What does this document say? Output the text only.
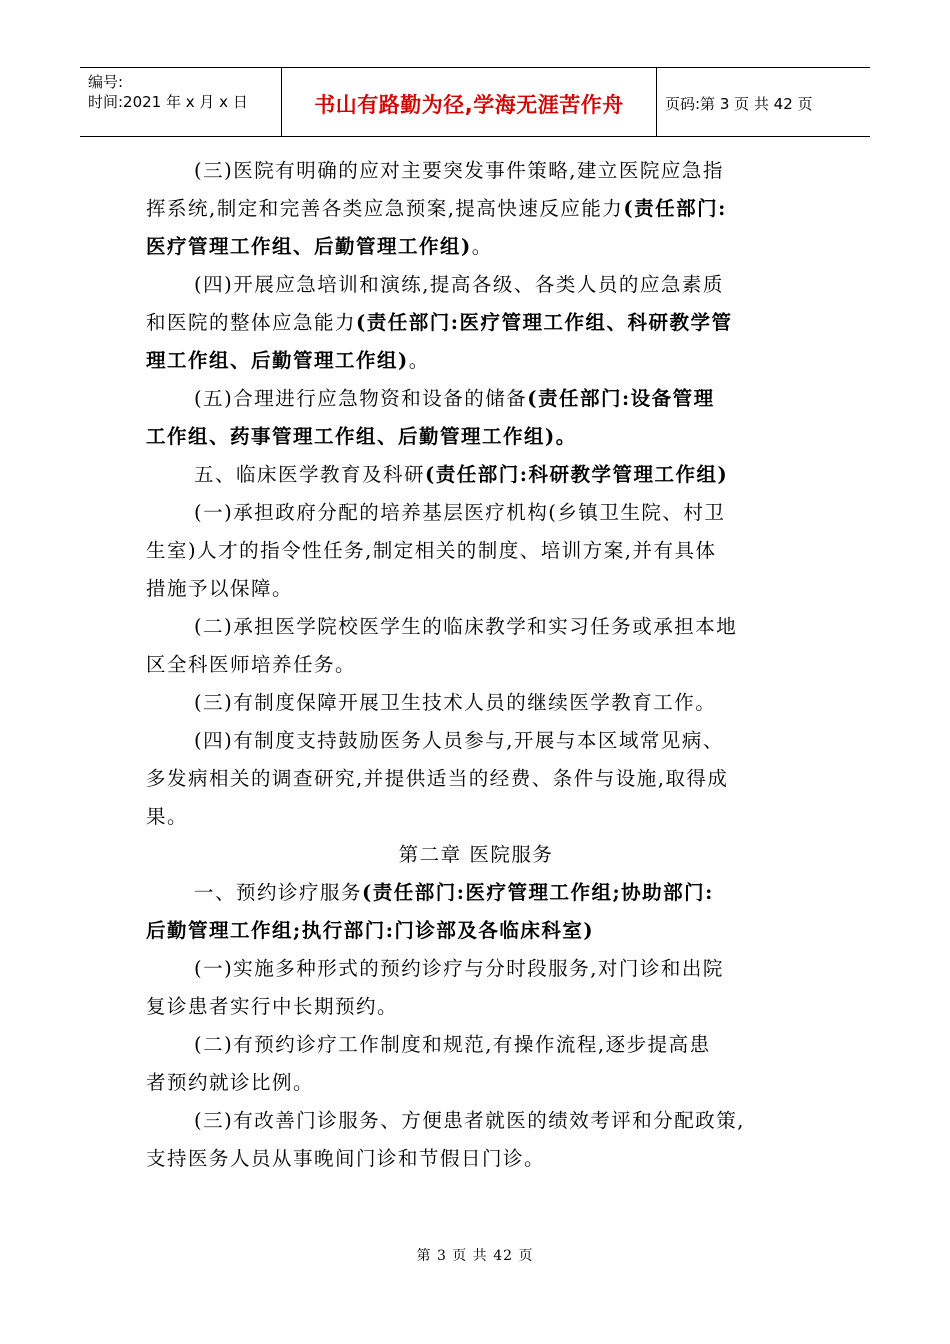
编号:
时间:2021 年 x 月 x 日	书山有路勤为径,学海无涯苦作舟	页码:第 3 页 共 42 页
(三)医院有明确的应对主要突发事件策略,建立医院应急指
挥系统,制定和完善各类应急预案,提高快速反应能力(责任部门:
医疗管理工作组、后勤管理工作组)。
(四)开展应急培训和演练,提高各级、各类人员的应急素质
和医院的整体应急能力(责任部门:医疗管理工作组、科研教学管
理工作组、后勤管理工作组)。
(五)合理进行应急物资和设备的储备(责任部门:设备管理
工作组、药事管理工作组、后勤管理工作组)。
五、临床医学教育及科研(责任部门:科研教学管理工作组)
(一)承担政府分配的培养基层医疗机构(乡镇卫生院、村卫
生室)人才的指令性任务,制定相关的制度、培训方案,并有具体
措施予以保障。
(二)承担医学院校医学生的临床教学和实习任务或承担本地
区全科医师培养任务。
(三)有制度保障开展卫生技术人员的继续医学教育工作。
(四)有制度支持鼓励医务人员参与,开展与本区域常见病、
多发病相关的调查研究,并提供适当的经费、条件与设施,取得成
果。
第二章 医院服务
一、预约诊疗服务(责任部门:医疗管理工作组;协助部门:
后勤管理工作组;执行部门:门诊部及各临床科室)
(一)实施多种形式的预约诊疗与分时段服务,对门诊和出院
复诊患者实行中长期预约。
(二)有预约诊疗工作制度和规范,有操作流程,逐步提高患
者预约就诊比例。
(三)有改善门诊服务、方便患者就医的绩效考评和分配政策,
支持医务人员从事晚间门诊和节假日门诊。
第 3 页 共 42 页
